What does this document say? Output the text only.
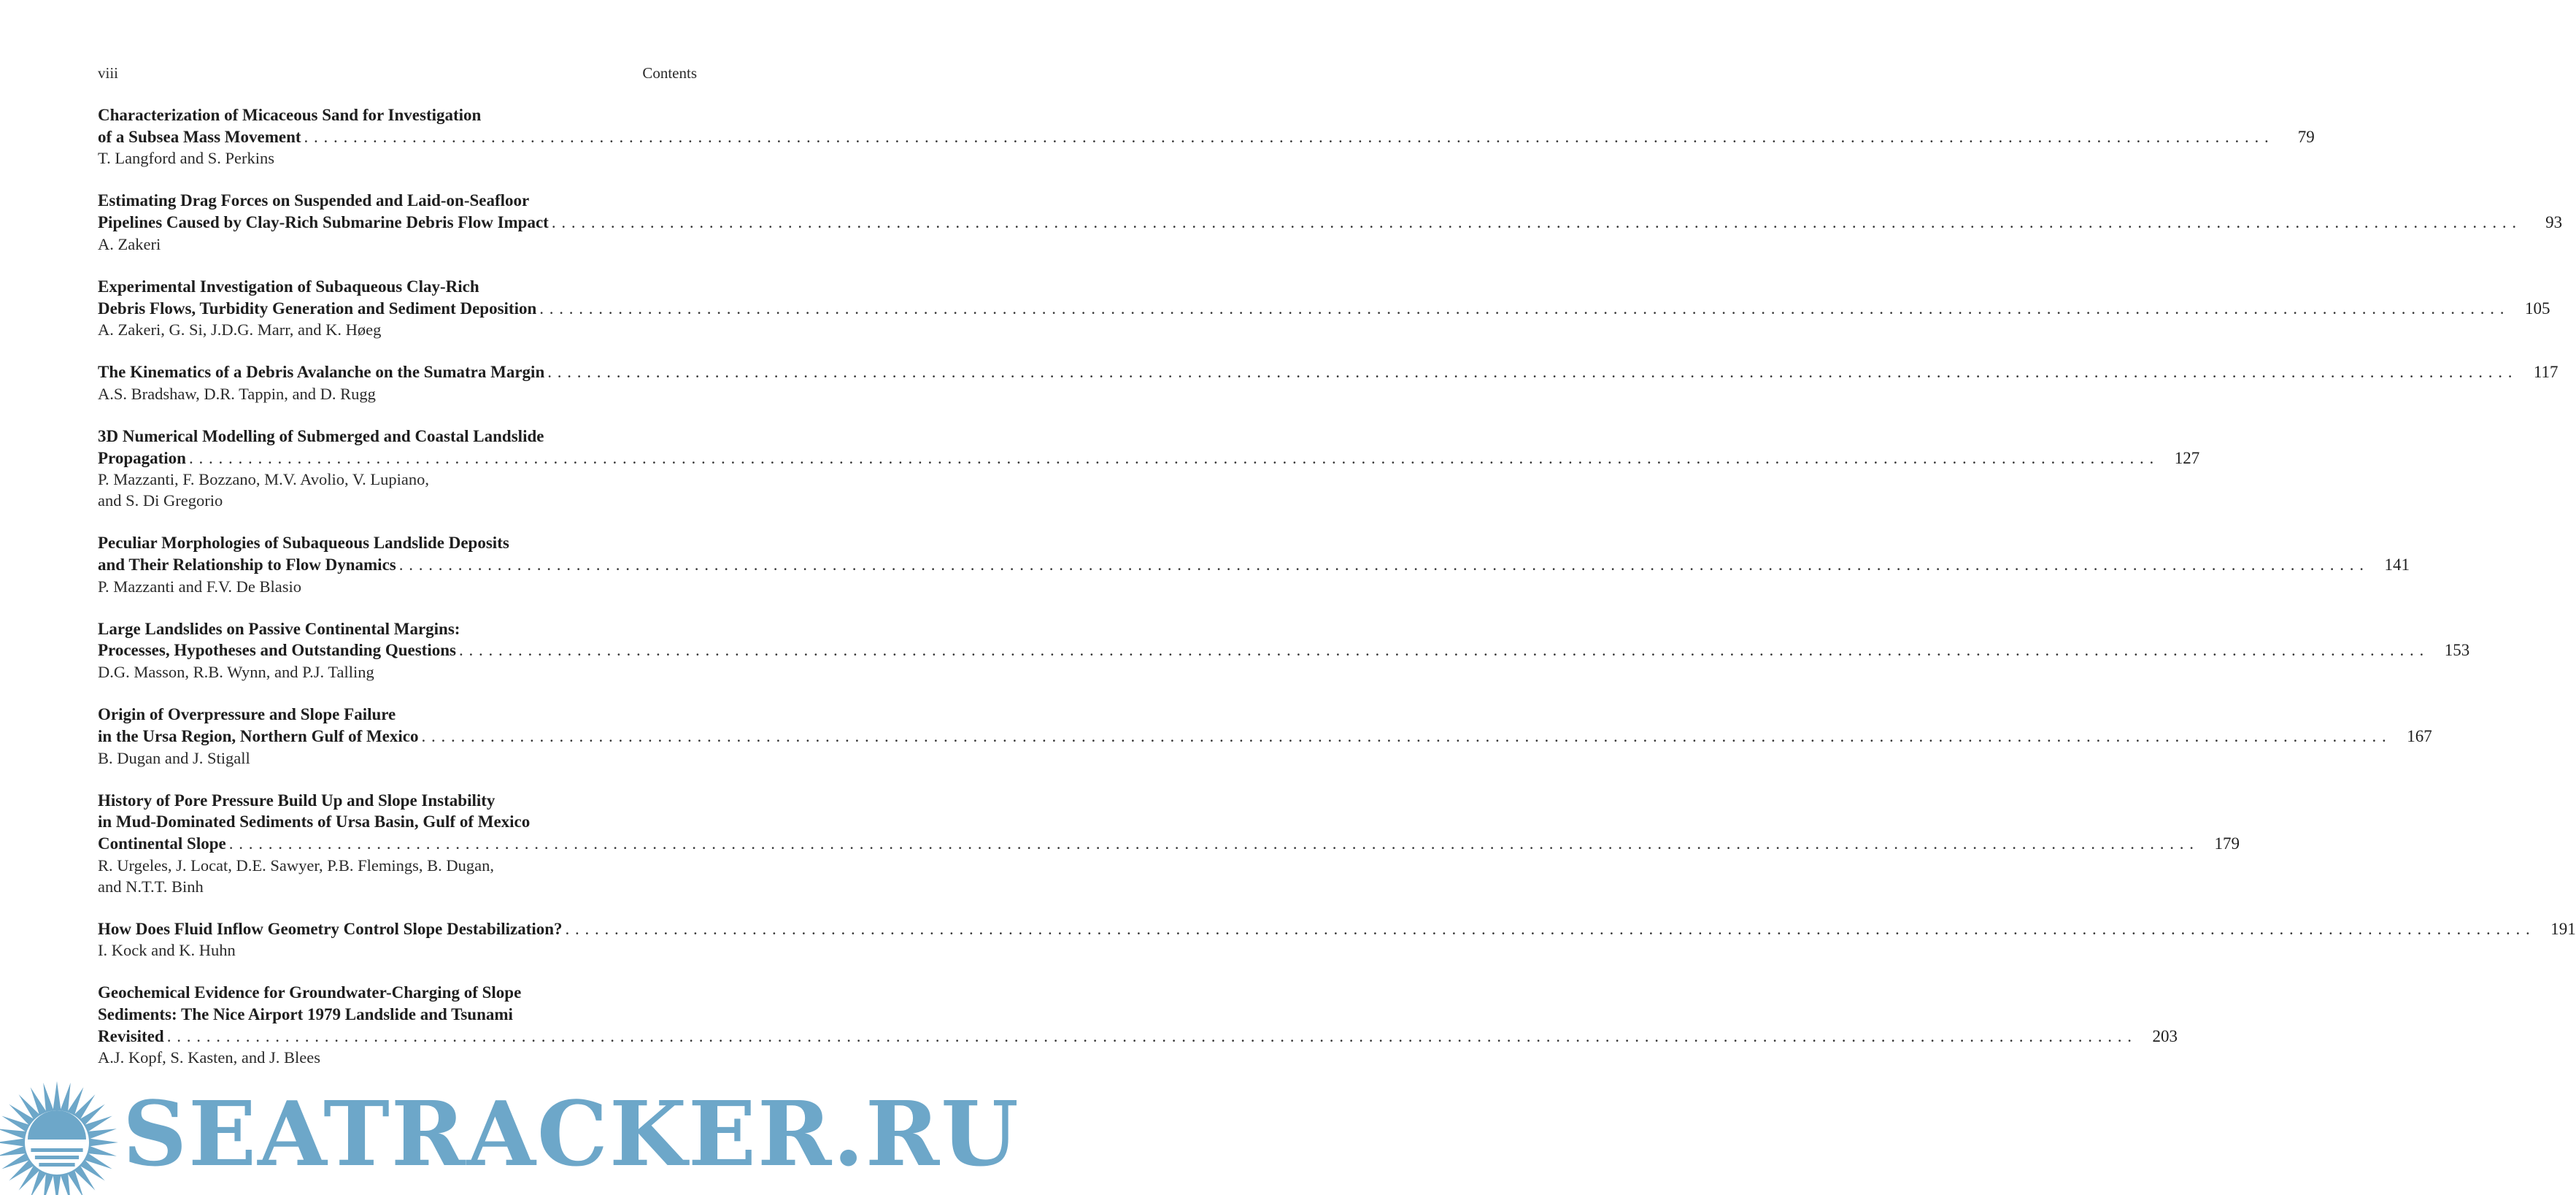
viii	Contents
Characterization of Micaceous Sand for Investigation
of a Subsea Mass Movement . . . . . . . . . . . . . . . . . . . . . . . . . . . . . . . . . . . . . . . . . . . . . . . . . . . . . . . . . . . . . . . . . . . . . . . . . . . . . . . . . . . . . . . . . . . . . . . . . . . . . . . . . . . . . . . . . . . . . . . . . . . . . . . . . . . . . . . . . . . . . . . . . . . . . . . . . . . . . . . . . . . . . . . . . . . . . . . . . . . . . . . . . . . . . . . . . . . . . . . .	79
T. Langford and S. Perkins
Estimating Drag Forces on Suspended and Laid-on-Seafloor
Pipelines Caused by Clay-Rich Submarine Debris Flow Impact . . . . . . . . . . . . . . . . . . . . . . . . . . . . . . . . . . . . . . . . . . . . . . . . . . . . . . . . . . . . . . . . . . . . . . . . . . . . . . . . . . . . . . . . . . . . . . . . . . . . . . . . . . . . . . . . . . . . . . . . . . . . . . . . . . . . . . . . . . . . . . . . . . . . . . . . . . . . . . . . . . . . . . . . . . . . . . . . . . . . . . . . . . . . . . . . . . . . . . . .	93
A. Zakeri
Experimental Investigation of Subaqueous Clay-Rich
Debris Flows, Turbidity Generation and Sediment Deposition . . . . . . . . . . . . . . . . . . . . . . . . . . . . . . . . . . . . . . . . . . . . . . . . . . . . . . . . . . . . . . . . . . . . . . . . . . . . . . . . . . . . . . . . . . . . . . . . . . . . . . . . . . . . . . . . . . . . . . . . . . . . . . . . . . . . . . . . . . . . . . . . . . . . . . . . . . . . . . . . . . . . . . . . . . . . . . . . . . . . . . . . . . . . . . . . . . . . . . . .	105
A. Zakeri, G. Si, J.D.G. Marr, and K. Høeg
The Kinematics of a Debris Avalanche on the Sumatra Margin . . . . . . . . . . . . . . . . . . . . . . . . . . . . . . . . . . . . . . . . . . . . . . . . . . . . . . . . . . . . . . . . . . . . . . . . . . . . . . . . . . . . . . . . . . . . . . . . . . . . . . . . . . . . . . . . . . . . . . . . . . . . . . . . . . . . . . . . . . . . . . . . . . . . . . . . . . . . . . . . . . . . . . . . . . . . . . . . . . . . . . . . . . . . . . . . . . . . . . . .	117
A.S. Bradshaw, D.R. Tappin, and D. Rugg
3D Numerical Modelling of Submerged and Coastal Landslide
Propagation . . . . . . . . . . . . . . . . . . . . . . . . . . . . . . . . . . . . . . . . . . . . . . . . . . . . . . . . . . . . . . . . . . . . . . . . . . . . . . . . . . . . . . . . . . . . . . . . . . . . . . . . . . . . . . . . . . . . . . . . . . . . . . . . . . . . . . . . . . . . . . . . . . . . . . . . . . . . . . . . . . . . . . . . . . . . . . . . . . . . . . . . . . . . . . . . . . . . . . . .	127
P. Mazzanti, F. Bozzano, M.V. Avolio, V. Lupiano,
and S. Di Gregorio
Peculiar Morphologies of Subaqueous Landslide Deposits
and Their Relationship to Flow Dynamics . . . . . . . . . . . . . . . . . . . . . . . . . . . . . . . . . . . . . . . . . . . . . . . . . . . . . . . . . . . . . . . . . . . . . . . . . . . . . . . . . . . . . . . . . . . . . . . . . . . . . . . . . . . . . . . . . . . . . . . . . . . . . . . . . . . . . . . . . . . . . . . . . . . . . . . . . . . . . . . . . . . . . . . . . . . . . . . . . . . . . . . . . . . . . . . . . . . . . . . .	141
P. Mazzanti and F.V. De Blasio
Large Landslides on Passive Continental Margins:
Processes, Hypotheses and Outstanding Questions . . . . . . . . . . . . . . . . . . . . . . . . . . . . . . . . . . . . . . . . . . . . . . . . . . . . . . . . . . . . . . . . . . . . . . . . . . . . . . . . . . . . . . . . . . . . . . . . . . . . . . . . . . . . . . . . . . . . . . . . . . . . . . . . . . . . . . . . . . . . . . . . . . . . . . . . . . . . . . . . . . . . . . . . . . . . . . . . . . . . . . . . . . . . . . . . . . . . . . . .	153
D.G. Masson, R.B. Wynn, and P.J. Talling
Origin of Overpressure and Slope Failure
in the Ursa Region, Northern Gulf of Mexico . . . . . . . . . . . . . . . . . . . . . . . . . . . . . . . . . . . . . . . . . . . . . . . . . . . . . . . . . . . . . . . . . . . . . . . . . . . . . . . . . . . . . . . . . . . . . . . . . . . . . . . . . . . . . . . . . . . . . . . . . . . . . . . . . . . . . . . . . . . . . . . . . . . . . . . . . . . . . . . . . . . . . . . . . . . . . . . . . . . . . . . . . . . . . . . . . . . . . . . .	167
B. Dugan and J. Stigall
History of Pore Pressure Build Up and Slope Instability
in Mud-Dominated Sediments of Ursa Basin, Gulf of Mexico
Continental Slope . . . . . . . . . . . . . . . . . . . . . . . . . . . . . . . . . . . . . . . . . . . . . . . . . . . . . . . . . . . . . . . . . . . . . . . . . . . . . . . . . . . . . . . . . . . . . . . . . . . . . . . . . . . . . . . . . . . . . . . . . . . . . . . . . . . . . . . . . . . . . . . . . . . . . . . . . . . . . . . . . . . . . . . . . . . . . . . . . . . . . . . . . . . . . . . . . . . . . . . .	179
R. Urgeles, J. Locat, D.E. Sawyer, P.B. Flemings, B. Dugan,
and N.T.T. Binh
How Does Fluid Inflow Geometry Control Slope Destabilization? . . . . . . . . . . . . . . . . . . . . . . . . . . . . . . . . . . . . . . . . . . . . . . . . . . . . . . . . . . . . . . . . . . . . . . . . . . . . . . . . . . . . . . . . . . . . . . . . . . . . . . . . . . . . . . . . . . . . . . . . . . . . . . . . . . . . . . . . . . . . . . . . . . . . . . . . . . . . . . . . . . . . . . . . . . . . . . . . . . . . . . . . . . . . . . . . . . . . . . . .	191
I. Kock and K. Huhn
Geochemical Evidence for Groundwater-Charging of Slope
Sediments: The Nice Airport 1979 Landslide and Tsunami
Revisited . . . . . . . . . . . . . . . . . . . . . . . . . . . . . . . . . . . . . . . . . . . . . . . . . . . . . . . . . . . . . . . . . . . . . . . . . . . . . . . . . . . . . . . . . . . . . . . . . . . . . . . . . . . . . . . . . . . . . . . . . . . . . . . . . . . . . . . . . . . . . . . . . . . . . . . . . . . . . . . . . . . . . . . . . . . . . . . . . . . . . . . . . . . . . . . . . . . . . . . .	203
A.J. Kopf, S. Kasten, and J. Blees
SEATRACKER.RU
